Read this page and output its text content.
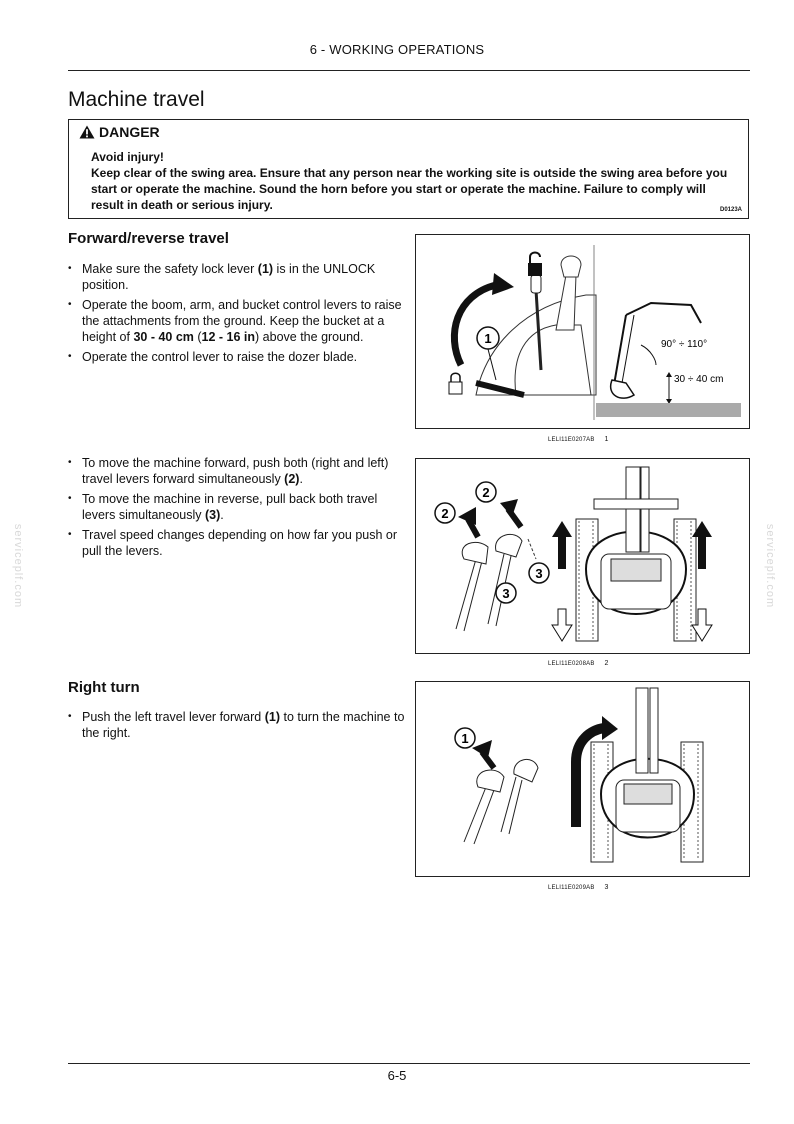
6 - WORKING OPERATIONS
Machine travel
DANGER
Avoid injury!
Keep clear of the swing area. Ensure that any person near the working site is outside the swing area before you start or operate the machine. Sound the horn before you start or operate the machine. Failure to comply will result in death or serious injury.	D0123A
Forward/reverse travel
• Make sure the safety lock lever (1) is in the UNLOCK position.
• Operate the boom, arm, and bucket control levers to raise the attachments from the ground. Keep the bucket at a height of 30 - 40 cm (12 - 16 in) above the ground.
• Operate the control lever to raise the dozer blade.
1	90° ÷ 110°
30 ÷ 40 cm
LELI11E0207AB 1
• To move the machine forward, push both (right and left) travel levers forward simultaneously (2).
• To move the machine in reverse, pull back both travel levers simultaneously (3).
• Travel speed changes depending on how far you push or pull the levers.
2
2
3
3
LELI11E0208AB 2
Right turn
• Push the left travel lever forward (1) to turn the machine to the right.	1
LELI11E0209AB 3
serviceplf.com	serviceplf.com
6-5
